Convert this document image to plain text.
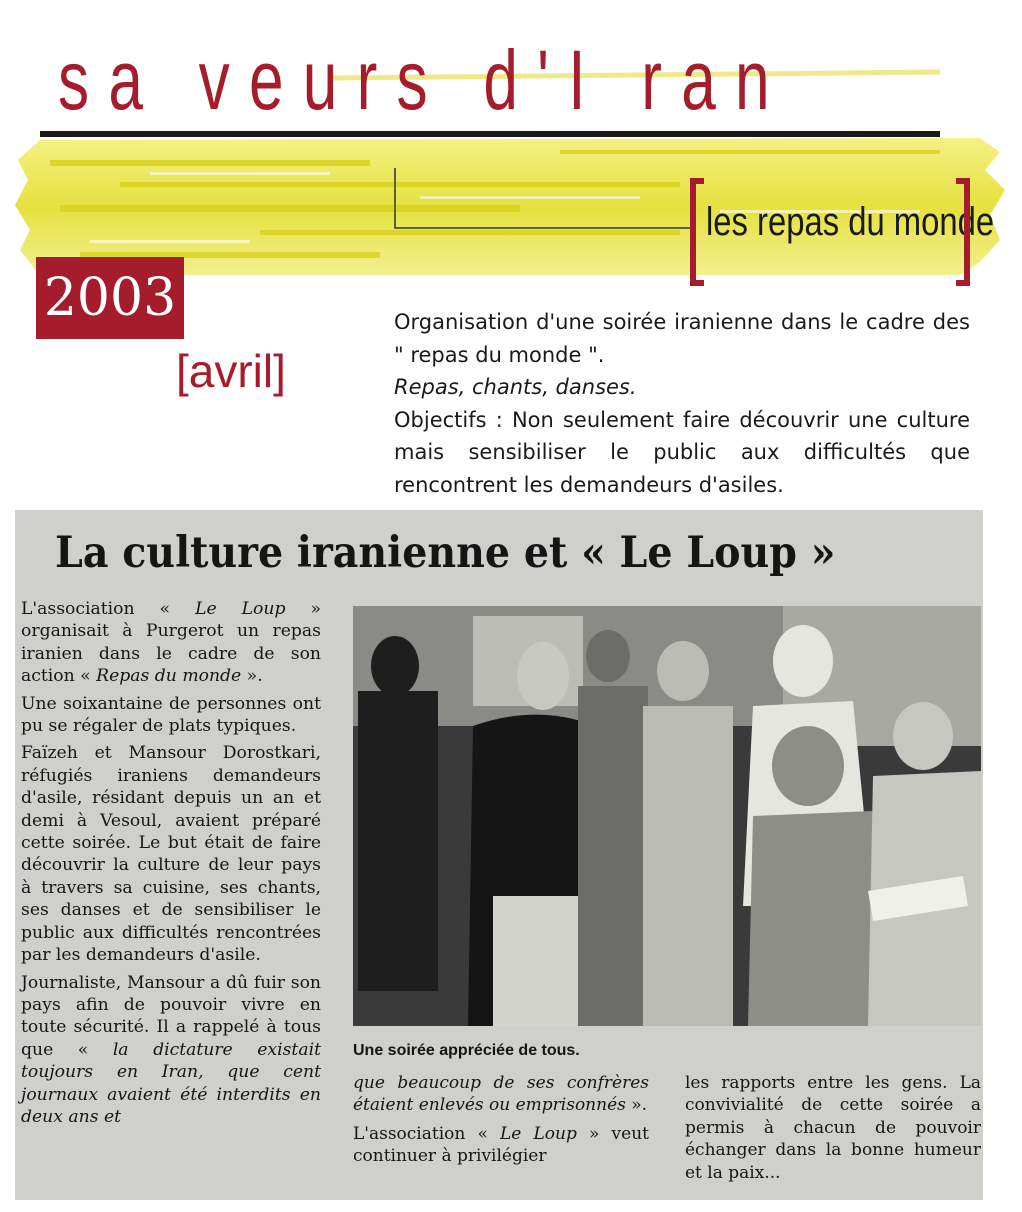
sa veurs d'I ran
les repas du monde
2003
[avril]

Organisation d'une soirée iranienne dans le cadre des " repas du monde ".

Repas, chants, danses.

Objectifs : Non seulement faire découvrir une culture mais sensibiliser le public aux difficultés que rencontrent les demandeurs d'asiles.

La culture iranienne et « Le Loup »

L'association « Le Loup » organisait à Purgerot un repas iranien dans le cadre de son action « Repas du monde ».

Une soixantaine de personnes ont pu se régaler de plats typiques.

Faïzeh et Mansour Dorostkari, réfugiés iraniens demandeurs d'asile, résidant depuis un an et demi à Vesoul, avaient préparé cette soirée. Le but était de faire découvrir la culture de leur pays à travers sa cuisine, ses chants, ses danses et de sensibiliser le public aux difficultés rencontrées par les demandeurs d'asile.

Journaliste, Mansour a dû fuir son pays afin de pouvoir vivre en toute sécurité. Il a rappelé à tous que « la dictature existait toujours en Iran, que cent journaux avaient été interdits en deux ans et

Une soirée appréciée de tous.

que beaucoup de ses confrères étaient enlevés ou emprisonnés ».

L'association « Le Loup » veut continuer à privilégier

les rapports entre les gens. La convivialité de cette soirée a permis à chacun de pouvoir échanger dans la bonne humeur et la paix...
